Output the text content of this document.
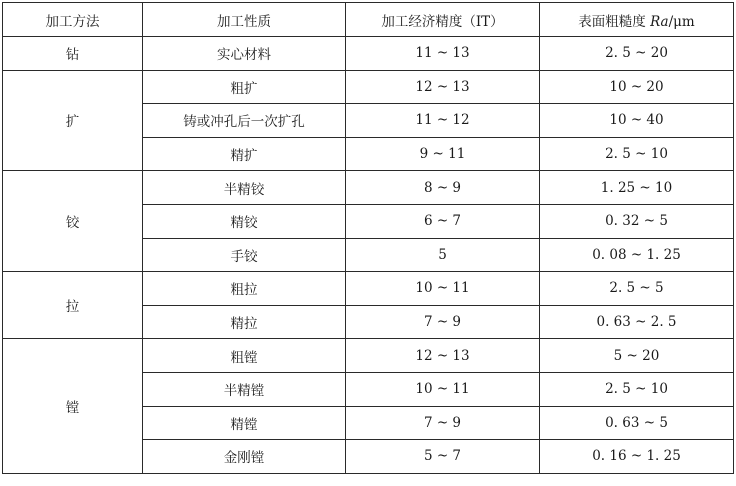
加工方法	加工性质	加工经济精度（IT）	表面粗糙度 Ra/μm
钻	实心材料	11 ~ 13	2. 5 ~ 20
扩	粗扩	12 ~ 13	10 ~ 20
	铸或冲孔后一次扩孔	11 ~ 12	10 ~ 40
	精扩	9 ~ 11	2. 5 ~ 10
铰	半精铰	8 ~ 9	1. 25 ~ 10
	精铰	6 ~ 7	0. 32 ~ 5
	手铰	5	0. 08 ~ 1. 25
拉	粗拉	10 ~ 11	2. 5 ~ 5
	精拉	7 ~ 9	0. 63 ~ 2. 5
镗	粗镗	12 ~ 13	5 ~ 20
	半精镗	10 ~ 11	2. 5 ~ 10
	精镗	7 ~ 9	0. 63 ~ 5
	金刚镗	5 ~ 7	0. 16 ~ 1. 25
